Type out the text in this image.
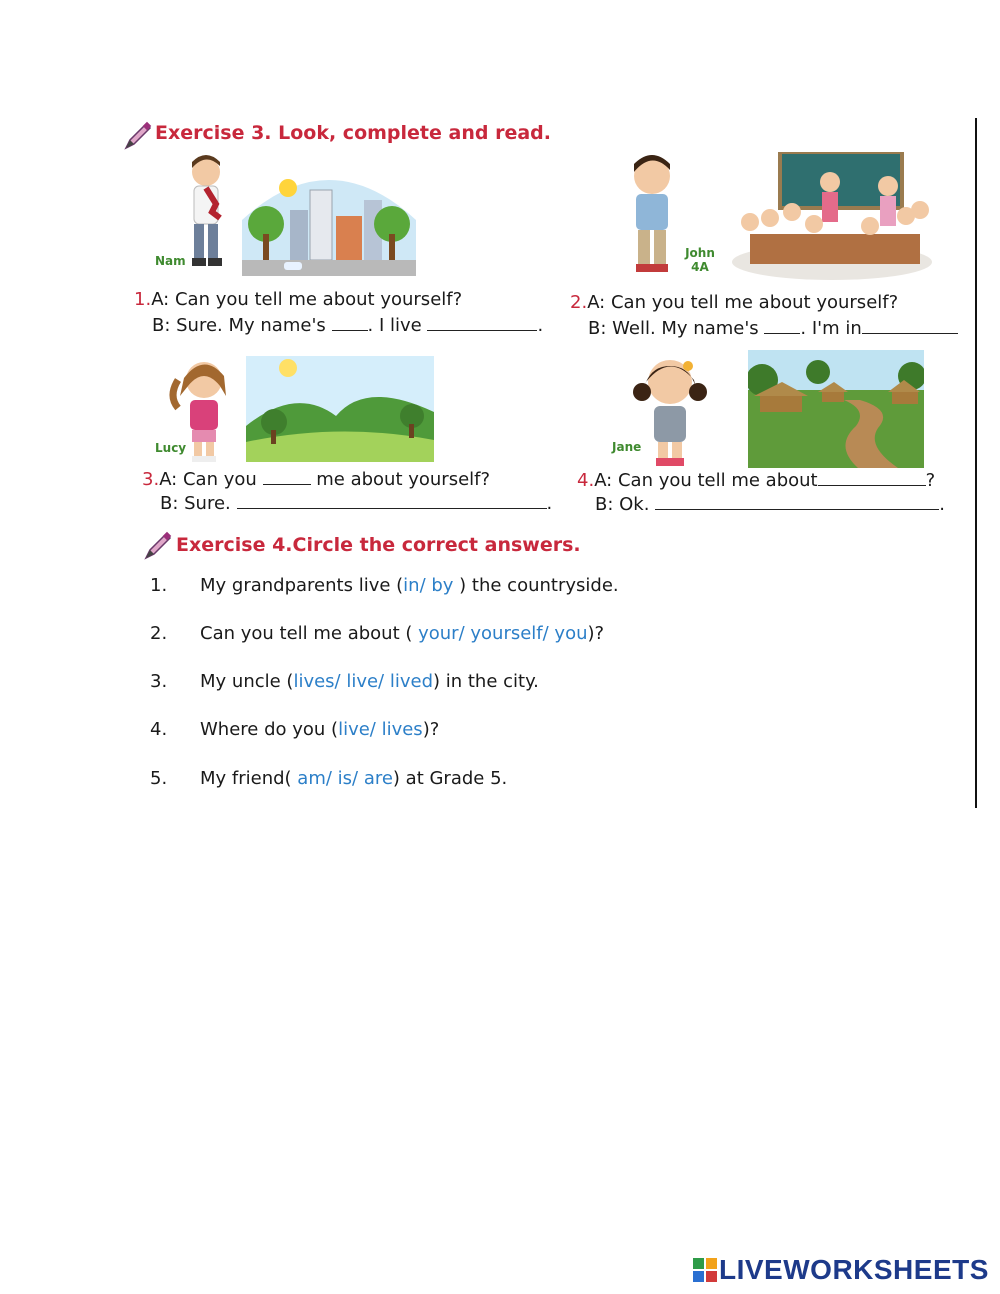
Exercise 3. Look, complete and read.
Nam
John
4A
1.A: Can you tell me about yourself?
B: Sure. My name's . I live	.
2.A: Can you tell me about yourself?
B: Well. My name's . I'm in
Lucy	Jane
3.A: Can you	me about yourself?
B: Sure.	.
4.A: Can you tell me about	?
B: Ok.	.
Exercise 4.Circle the correct answers.
1. My grandparents live (in/ by ) the countryside.
2. Can you tell me about ( your/ yourself/ you)?
3. My uncle (lives/ live/ lived) in the city.
4. Where do you (live/ lives)?
5. My friend( am/ is/ are) at Grade 5.
LIVEWORKSHEETS
